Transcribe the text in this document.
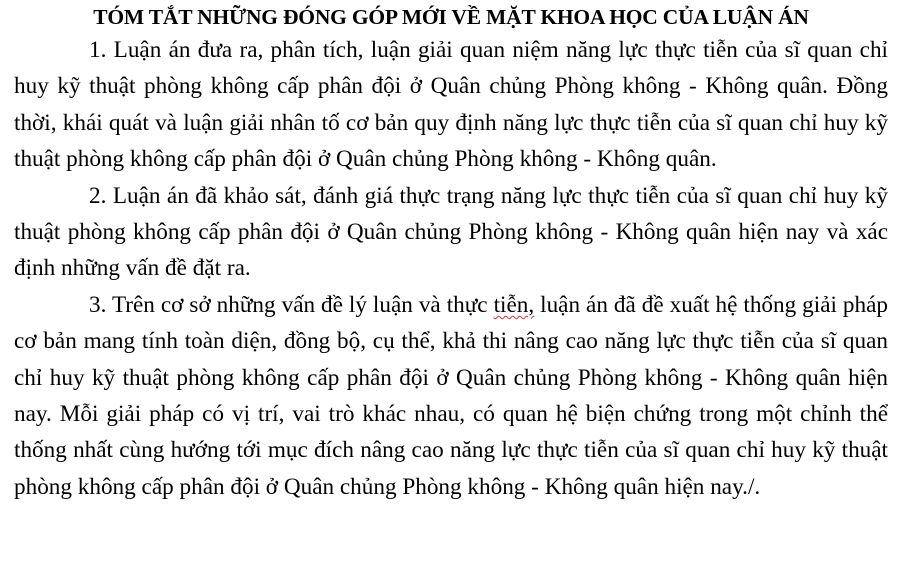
TÓM TẮT NHỮNG ĐÓNG GÓP MỚI VỀ MẶT KHOA HỌC CỦA LUẬN ÁN

1. Luận án đưa ra, phân tích, luận giải quan niệm năng lực thực tiễn của sĩ quan chỉ huy kỹ thuật phòng không cấp phân đội ở Quân chủng Phòng không - Không quân. Đồng thời, khái quát và luận giải nhân tố cơ bản quy định năng lực thực tiễn của sĩ quan chỉ huy kỹ thuật phòng không cấp phân đội ở Quân chủng Phòng không - Không quân.

2. Luận án đã khảo sát, đánh giá thực trạng năng lực thực tiễn của sĩ quan chỉ huy kỹ thuật phòng không cấp phân đội ở Quân chủng Phòng không - Không quân hiện nay và xác định những vấn đề đặt ra.

3. Trên cơ sở những vấn đề lý luận và thực tiễn, luận án đã đề xuất hệ thống giải pháp cơ bản mang tính toàn diện, đồng bộ, cụ thể, khả thi nâng cao năng lực thực tiễn của sĩ quan chỉ huy kỹ thuật phòng không cấp phân đội ở Quân chủng Phòng không - Không quân hiện nay. Mỗi giải pháp có vị trí, vai trò khác nhau, có quan hệ biện chứng trong một chỉnh thể thống nhất cùng hướng tới mục đích nâng cao năng lực thực tiễn của sĩ quan chỉ huy kỹ thuật phòng không cấp phân đội ở Quân chủng Phòng không - Không quân hiện nay./.
